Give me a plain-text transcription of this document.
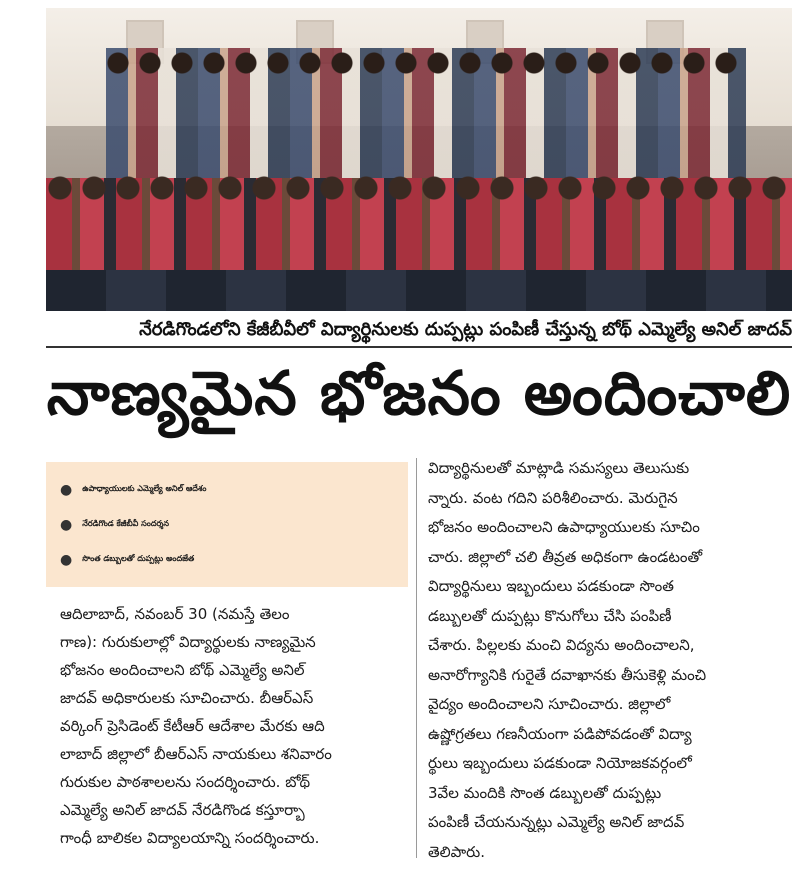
నేరడిగొండలోని కేజీబీవీలో విద్యార్థినులకు దుప్పట్లు పంపిణీ చేస్తున్న బోథ్ ఎమ్మెల్యే అనిల్ జాదవ్
నాణ్యమైన భోజనం అందించాలి
● ఉపాధ్యాయులకు ఎమ్మెల్యే అనిల్ ఆదేశం
● నేరడిగొండ కేజీబీవీ సందర్శన
● సొంత డబ్బులతో దుప్పట్లు అందజేత
ఆదిలాబాద్, నవంబర్ 30 (నమస్తే తెలం
గాణ): గురుకులాల్లో విద్యార్థులకు నాణ్యమైన
భోజనం అందించాలని బోథ్ ఎమ్మెల్యే అనిల్
జాదవ్ అధికారులకు సూచించారు. బీఆర్ఎస్
వర్కింగ్ ప్రెసిడెంట్ కేటీఆర్ ఆదేశాల మేరకు ఆది
లాబాద్ జిల్లాలో బీఆర్ఎస్ నాయకులు శనివారం
గురుకుల పాఠశాలలను సందర్శించారు. బోథ్
ఎమ్మెల్యే అనిల్ జాదవ్ నేరడిగొండ కస్తూర్బా
గాంధీ బాలికల విద్యాలయాన్ని సందర్శించారు.
విద్యార్థినులతో మాట్లాడి సమస్యలు తెలుసుకు
న్నారు. వంట గదిని పరిశీలించారు. మెరుగైన
భోజనం అందించాలని ఉపాధ్యాయులకు సూచిం
చారు. జిల్లాలో చలి తీవ్రత అధికంగా ఉండటంతో
విద్యార్థినులు ఇబ్బందులు పడకుండా సొంత
డబ్బులతో దుప్పట్లు కొనుగోలు చేసి పంపిణీ
చేశారు. పిల్లలకు మంచి విద్యను అందించాలని,
అనారోగ్యానికి గురైతే దవాఖానకు తీసుకెళ్లి మంచి
వైద్యం అందించాలని సూచించారు. జిల్లాలో
ఉష్ణోగ్రతలు గణనీయంగా పడిపోవడంతో విద్యా
ర్థులు ఇబ్బందులు పడకుండా నియోజకవర్గంలో
3వేల మందికి సొంత డబ్బులతో దుప్పట్లు
పంపిణీ చేయనున్నట్లు ఎమ్మెల్యే అనిల్ జాదవ్
తెలిపారు.
